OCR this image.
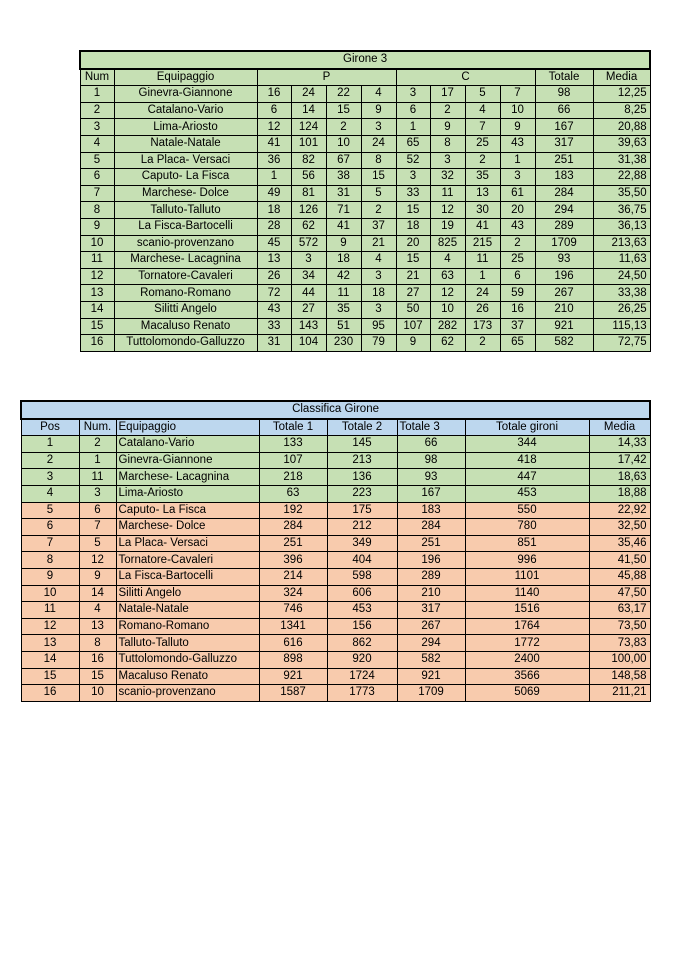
Girone 3											
Num	Equipaggio	P				C				Totale	Media
1	Ginevra-Giannone	16	24	22	4	3	17	5	7	98	12,25
2	Catalano-Vario	6	14	15	9	6	2	4	10	66	8,25
3	Lima-Ariosto	12	124	2	3	1	9	7	9	167	20,88
4	Natale-Natale	41	101	10	24	65	8	25	43	317	39,63
5	La Placa- Versaci	36	82	67	8	52	3	2	1	251	31,38
6	Caputo- La Fisca	1	56	38	15	3	32	35	3	183	22,88
7	Marchese- Dolce	49	81	31	5	33	11	13	61	284	35,50
8	Talluto-Talluto	18	126	71	2	15	12	30	20	294	36,75
9	La Fisca-Bartocelli	28	62	41	37	18	19	41	43	289	36,13
10	scanio-provenzano	45	572	9	21	20	825	215	2	1709	213,63
11	Marchese- Lacagnina	13	3	18	4	15	4	11	25	93	11,63
12	Tornatore-Cavaleri	26	34	42	3	21	63	1	6	196	24,50
13	Romano-Romano	72	44	11	18	27	12	24	59	267	33,38
14	Silitti Angelo	43	27	35	3	50	10	26	16	210	26,25
15	Macaluso Renato	33	143	51	95	107	282	173	37	921	115,13
16	Tuttolomondo-Galluzzo	31	104	230	79	9	62	2	65	582	72,75
Classifica Girone							
Pos	Num.	Equipaggio	Totale 1	Totale 2	Totale 3	Totale gironi	Media
1	2	Catalano-Vario	133	145	66	344	14,33
2	1	Ginevra-Giannone	107	213	98	418	17,42
3	11	Marchese- Lacagnina	218	136	93	447	18,63
4	3	Lima-Ariosto	63	223	167	453	18,88
5	6	Caputo- La Fisca	192	175	183	550	22,92
6	7	Marchese- Dolce	284	212	284	780	32,50
7	5	La Placa- Versaci	251	349	251	851	35,46
8	12	Tornatore-Cavaleri	396	404	196	996	41,50
9	9	La Fisca-Bartocelli	214	598	289	1101	45,88
10	14	Silitti Angelo	324	606	210	1140	47,50
11	4	Natale-Natale	746	453	317	1516	63,17
12	13	Romano-Romano	1341	156	267	1764	73,50
13	8	Talluto-Talluto	616	862	294	1772	73,83
14	16	Tuttolomondo-Galluzzo	898	920	582	2400	100,00
15	15	Macaluso Renato	921	1724	921	3566	148,58
16	10	scanio-provenzano	1587	1773	1709	5069	211,21
